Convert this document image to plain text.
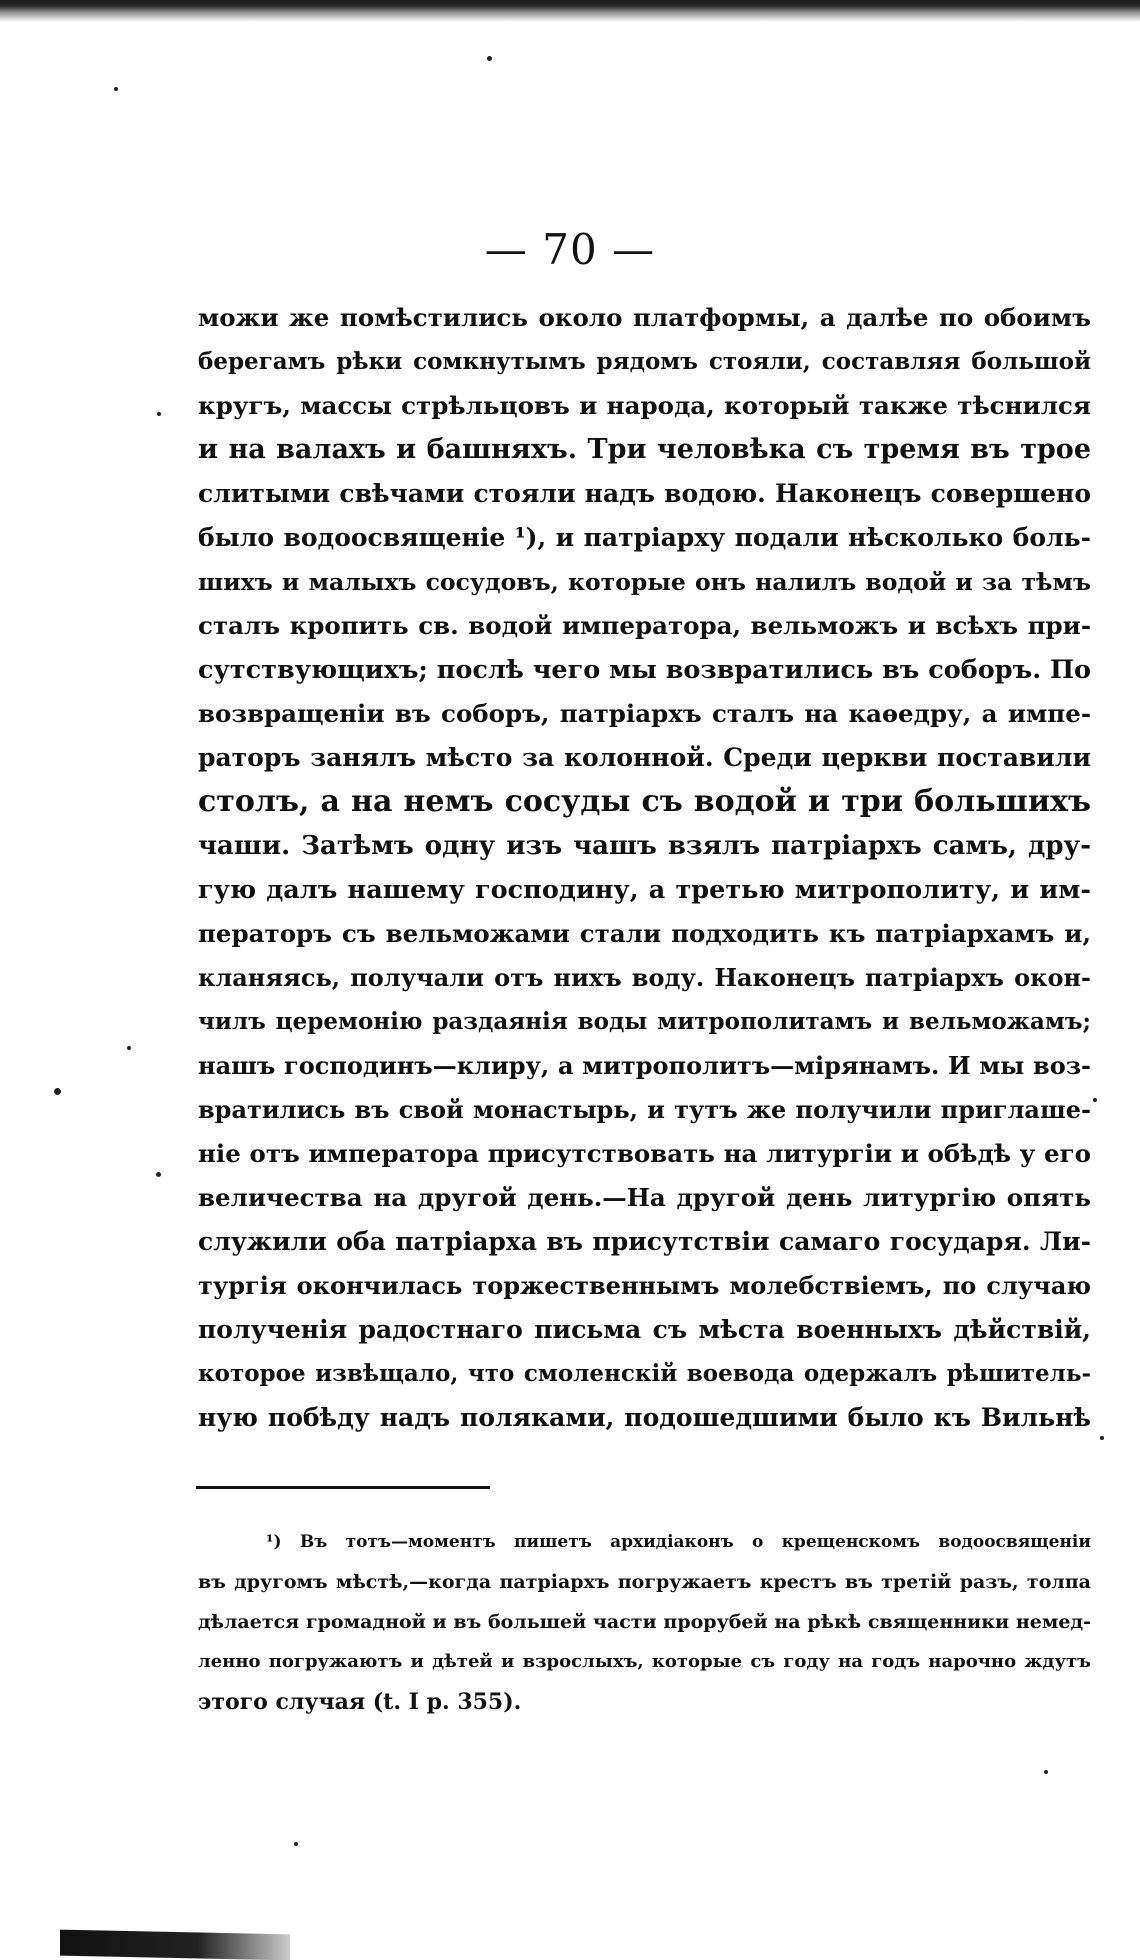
— 70 —
можи же помѣстились около платформы, а далѣе по обоимъ
берегамъ рѣки сомкнутымъ рядомъ стояли, составляя большой
кругъ, массы стрѣльцовъ и народа, который также тѣснился
и на валахъ и башняхъ. Три человѣка съ тремя въ трое
слитыми свѣчами стояли надъ водою. Наконецъ совершено
было водоосвященіе ¹), и патріарху подали нѣсколько боль-
шихъ и малыхъ сосудовъ, которые онъ налилъ водой и за тѣмъ
сталъ кропить св. водой императора, вельможъ и всѣхъ при-
сутствующихъ; послѣ чего мы возвратились въ соборъ. По
возвращеніи въ соборъ, патріархъ сталъ на каѳедру, а импе-
раторъ занялъ мѣсто за колонной. Среди церкви поставили
столъ, а на немъ сосуды съ водой и три большихъ
чаши. Затѣмъ одну изъ чашъ взялъ патріархъ самъ, дру-
гую далъ нашему господину, а третью митрополиту, и им-
ператоръ съ вельможами стали подходить къ патріархамъ и,
кланяясь, получали отъ нихъ воду. Наконецъ патріархъ окон-
чилъ церемонію раздаянія воды митрополитамъ и вельможамъ;
нашъ господинъ—клиру, а митрополитъ—мірянамъ. И мы воз-
вратились въ свой монастырь, и тутъ же получили приглаше-
ніе отъ императора присутствовать на литургіи и обѣдѣ у его
величества на другой день.—На другой день литургію опять
служили оба патріарха въ присутствіи самаго государя. Ли-
тургія окончилась торжественнымъ молебствіемъ, по случаю
полученія радостнаго письма съ мѣста военныхъ дѣйствій,
которое извѣщало, что смоленскій воевода одержалъ рѣшитель-
ную побѣду надъ поляками, подошедшими было къ Вильнѣ
¹) Въ тотъ—моментъ пишетъ архидіаконъ о крещенскомъ водоосвященіи
въ другомъ мѣстѣ,—когда патріархъ погружаетъ крестъ въ третій разъ, толпа
дѣлается громадной и въ большей части прорубей на рѣкѣ священники немед-
ленно погружаютъ и дѣтей и взрослыхъ, которые съ году на годъ нарочно ждутъ
этого случая (t. I p. 355).
